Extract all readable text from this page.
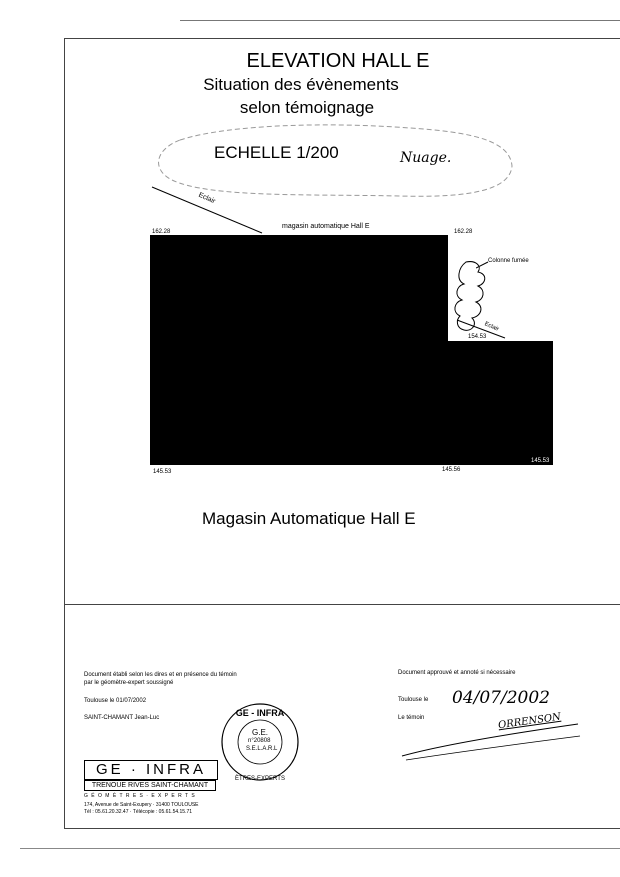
ELEVATION HALL E
Situation des évènements
selon témoignage
ECHELLE 1/200	Nuage.
Eclair
magasin automatique Hall E
162.28	162.28
Colonne fumée
Eclair
154.53
145.53
145.53	145.56
Magasin Automatique Hall E
Document établi selon les dires et en présence du témoin
par le géomètre-expert soussigné
Toulouse le 01/07/2002
SAINT-CHAMANT Jean-Luc	GE - INFRA
ÈTRES-EXPERTS
G.E.
n°20808
S.E.L.A.R.L
GE · INFRA
TRENOUE RIVES SAINT-CHAMANT
G É O M È T R E S · E X P E R T S
174, Avenue de Saint-Exupery · 31400 TOULOUSE
Tél : 05.61.20.32.47 · Télécopie : 05.61.54.15.71
Document approuvé et annoté si nécessaire
Toulouse le 04/07/2002
Le témoin	ORRENSON
